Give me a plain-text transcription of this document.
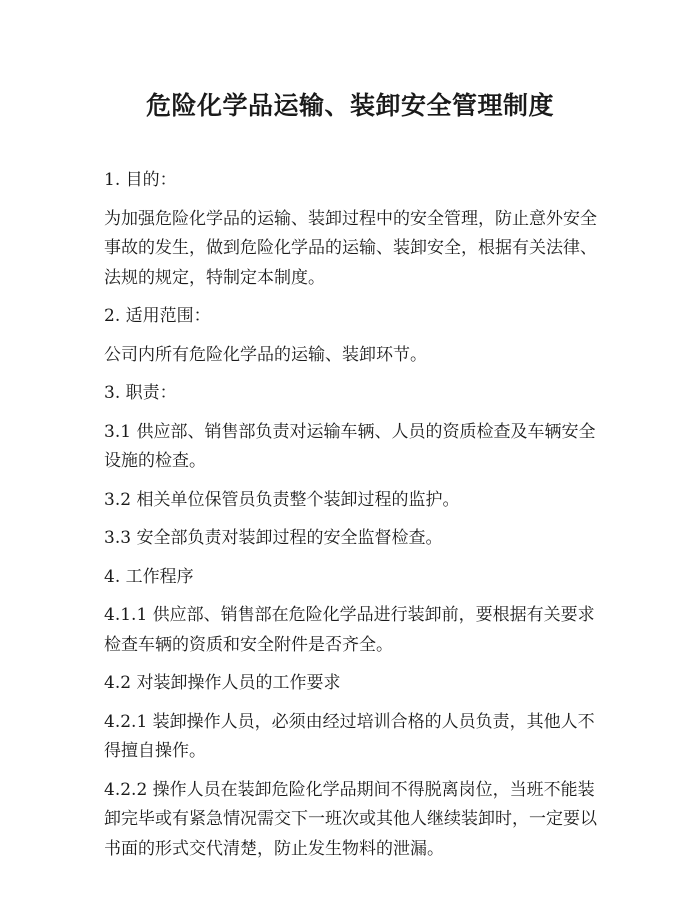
危险化学品运输、装卸安全管理制度

1. 目的：

为加强危险化学品的运输、装卸过程中的安全管理，防止意外安全事故的发生，做到危险化学品的运输、装卸安全，根据有关法律、法规的规定，特制定本制度。

2. 适用范围：

公司内所有危险化学品的运输、装卸环节。

3. 职责：

3.1 供应部、销售部负责对运输车辆、人员的资质检查及车辆安全设施的检查。

3.2 相关单位保管员负责整个装卸过程的监护。

3.3 安全部负责对装卸过程的安全监督检查。

4. 工作程序

4.1.1 供应部、销售部在危险化学品进行装卸前，要根据有关要求检查车辆的资质和安全附件是否齐全。

4.2 对装卸操作人员的工作要求

4.2.1 装卸操作人员，必须由经过培训合格的人员负责，其他人不得擅自操作。

4.2.2 操作人员在装卸危险化学品期间不得脱离岗位，当班不能装卸完毕或有紧急情况需交下一班次或其他人继续装卸时，一定要以书面的形式交代清楚，防止发生物料的泄漏。
